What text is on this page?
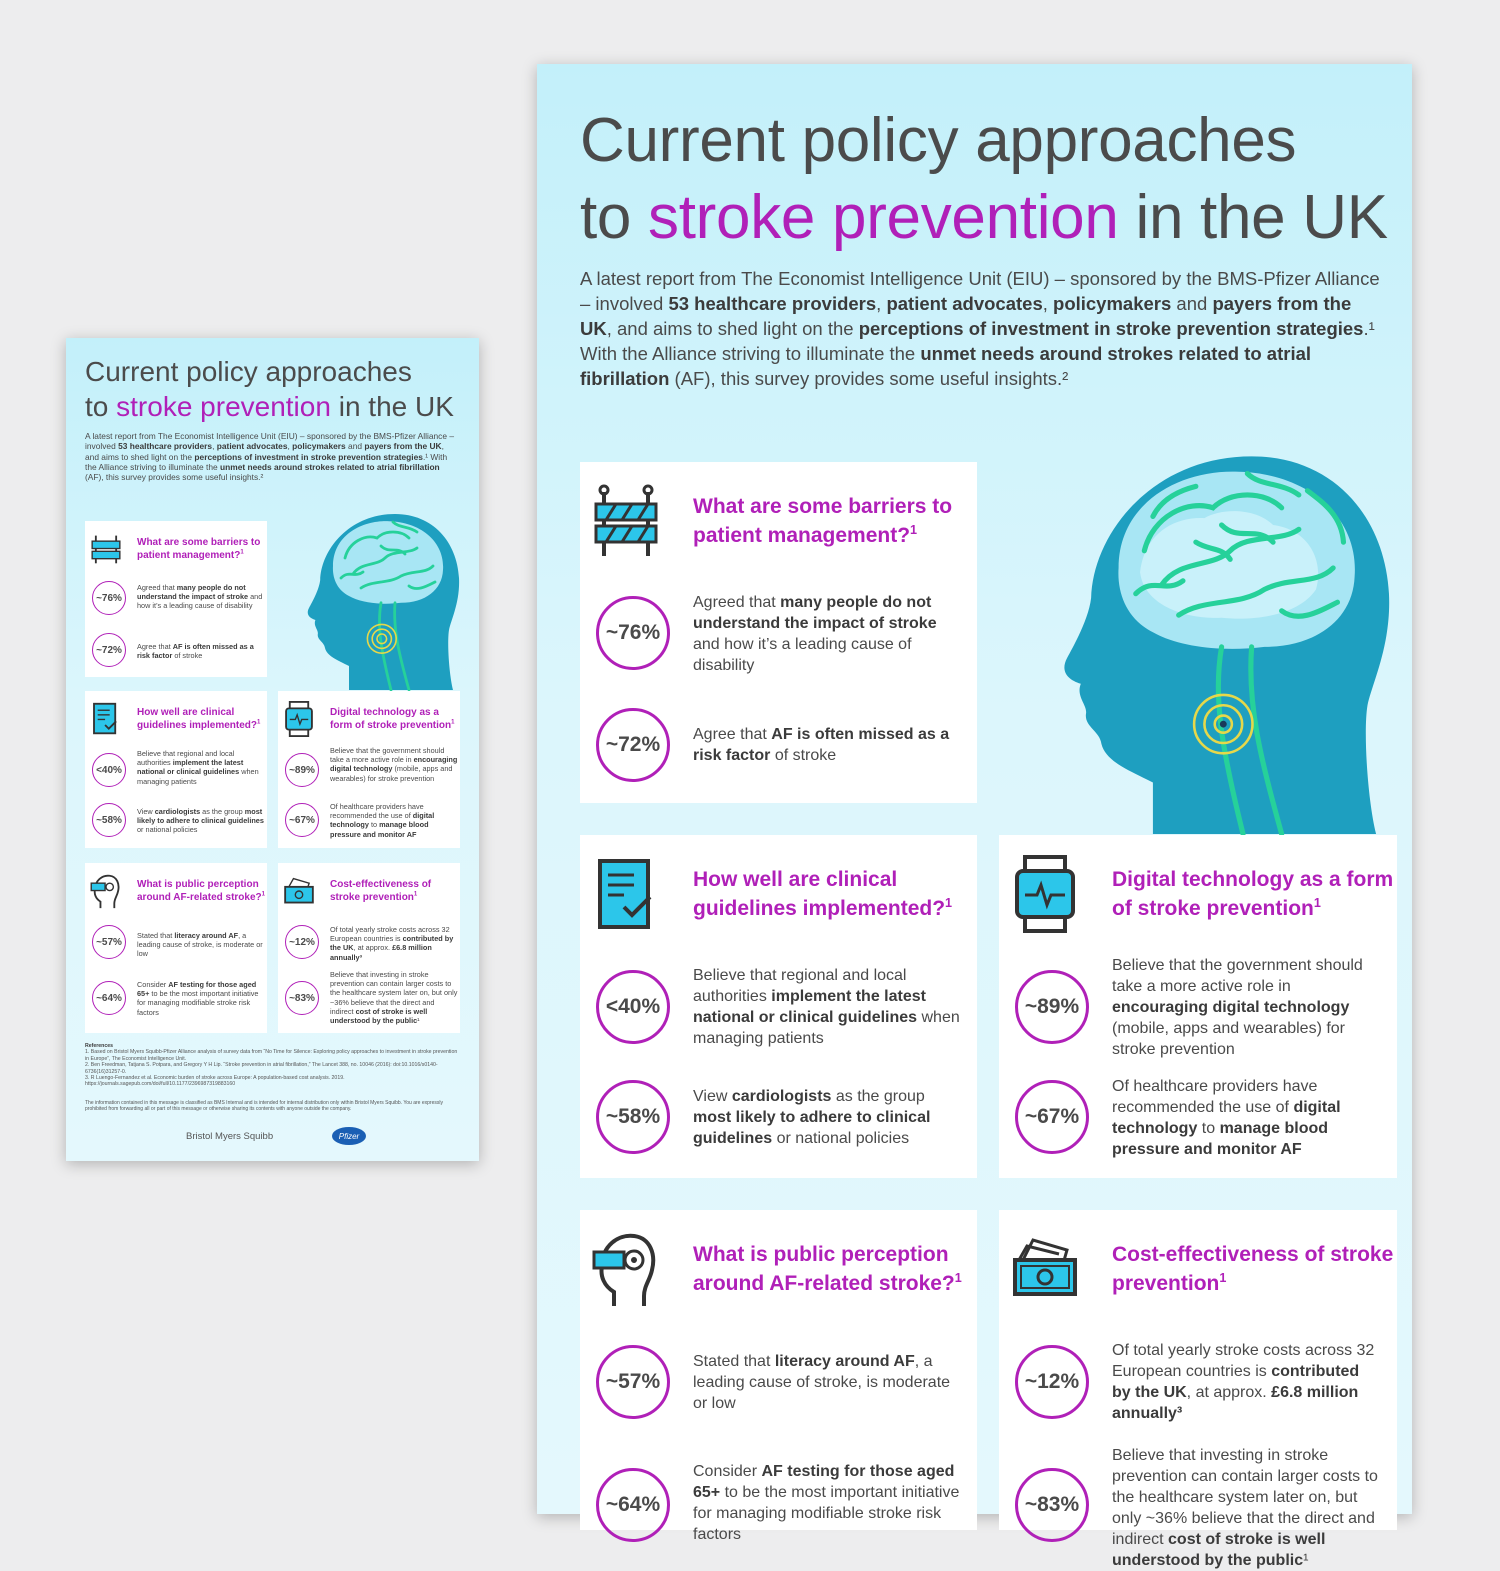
Current policy approaches
to stroke prevention in the UK

A latest report from The Economist Intelligence Unit (EIU) – sponsored by the BMS-Pfizer Alliance – involved 53 healthcare providers, patient advocates, policymakers and payers from the UK, and aims to shed light on the perceptions of investment in stroke prevention strategies.¹ With the Alliance striving to illuminate the unmet needs around strokes related to atrial fibrillation (AF), this survey provides some useful insights.²

What are some barriers to patient management?$^1$

~76%

Agreed that many people do not understand the impact of stroke and how it’s a leading cause of disability

~72%	Agree that AF is often missed as a risk factor of stroke

How well are clinical guidelines implemented?$^1$

<40%

Believe that regional and local authorities implement the latest national or clinical guidelines when managing patients

~58%

View cardiologists as the group most likely to adhere to clinical guidelines or national policies

Digital technology as a form of stroke prevention$^1$

~89%

Believe that the government should take a more active role in encouraging digital technology (mobile, apps and wearables) for stroke prevention

~67%

Of healthcare providers have recommended the use of digital technology to manage blood pressure and monitor AF

What is public perception around AF-related stroke?$^1$

~57%

Stated that literacy around AF, a leading cause of stroke, is moderate or low

~64%

Consider AF testing for those aged 65+ to be the most important initiative for managing modifiable stroke risk factors

Cost-effectiveness of stroke prevention$^1$

~12%

Of total yearly stroke costs across 32 European countries is contributed by the UK, at approx. £6.8 million annually³

~83%

Believe that investing in stroke prevention can contain larger costs to the healthcare system later on, but only ~36% believe that the direct and indirect cost of stroke is well understood by the public¹

References

1. Based on Bristol Myers Squibb-Pfizer Alliance analysis of survey data from “No Time for Silence: Exploring policy approaches to investment in stroke prevention in Europe”, The Economist Intelligence Unit.

2. Ben Freedman, Tatjana S. Potpara, and Gregory Y H Lip. “Stroke prevention in atrial fibrillation,” The Lancet 388, no. 10046 (2016): doi:10.1016/s0140-6736(16)31257-0.

3. R Luengo-Fernandez et al. Economic burden of stroke across Europe: A population-based cost analysis. 2019. https://journals.sagepub.com/doi/full/10.1177/2396987319883160

The information contained in this message is classified as BMS Internal and is intended for internal distribution only within Bristol Myers Squibb. You are expressly prohibited from forwarding all or part of this message or otherwise sharing its contents with anyone outside the company.

Bristol Myers Squibb	Pfizer
Current policy approaches
to stroke prevention in the UK

A latest report from The Economist Intelligence Unit (EIU) – sponsored by the BMS-Pfizer Alliance – involved 53 healthcare providers, patient advocates, policymakers and payers from the UK, and aims to shed light on the perceptions of investment in stroke prevention strategies.¹ With the Alliance striving to illuminate the unmet needs around strokes related to atrial fibrillation (AF), this survey provides some useful insights.²

What are some barriers to patient management?$^1$

~76%

Agreed that many people do not understand the impact of stroke and how it’s a leading cause of disability

~72%	Agree that AF is often missed as a risk factor of stroke

How well are clinical guidelines implemented?$^1$

<40%

Believe that regional and local authorities implement the latest national or clinical guidelines when managing patients

~58%

View cardiologists as the group most likely to adhere to clinical guidelines or national policies

Digital technology as a form of stroke prevention$^1$

~89%

Believe that the government should take a more active role in encouraging digital technology (mobile, apps and wearables) for stroke prevention

~67%

Of healthcare providers have recommended the use of digital technology to manage blood pressure and monitor AF

What is public perception around AF-related stroke?$^1$

~57%

Stated that literacy around AF, a leading cause of stroke, is moderate or low

~64%

Consider AF testing for those aged 65+ to be the most important initiative for managing modifiable stroke risk factors

Cost-effectiveness of stroke prevention$^1$

~12%

Of total yearly stroke costs across 32 European countries is contributed by the UK, at approx. £6.8 million annually³

~83%

Believe that investing in stroke prevention can contain larger costs to the healthcare system later on, but only ~36% believe that the direct and indirect cost of stroke is well understood by the public¹
